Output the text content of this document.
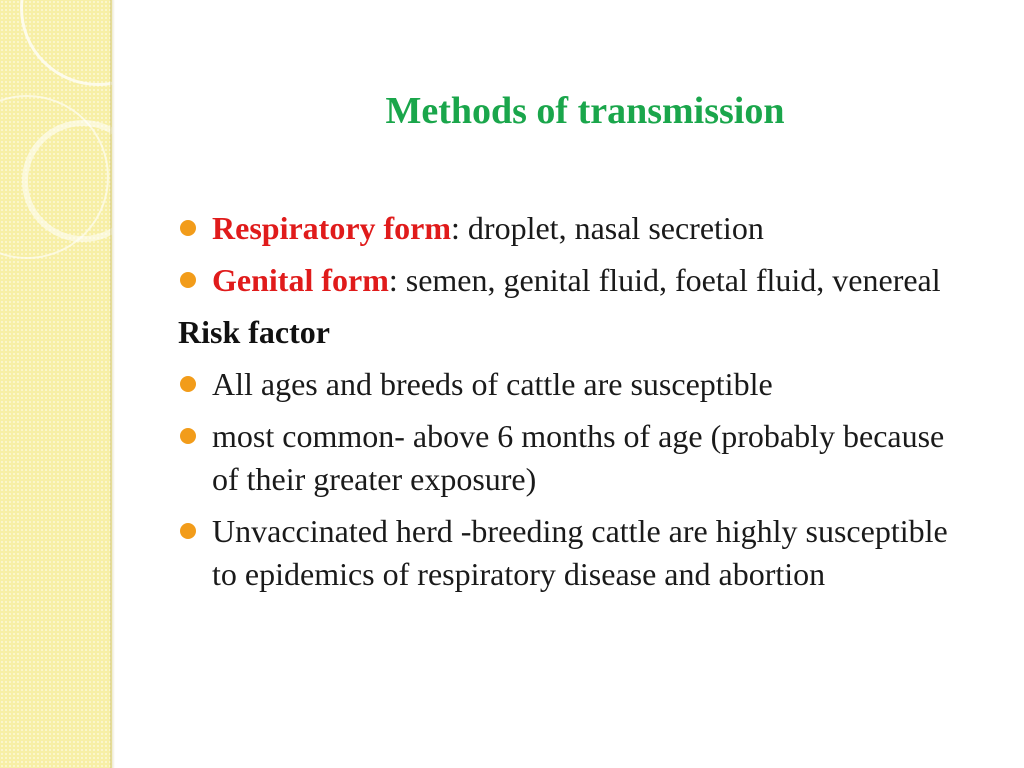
Methods of transmission
Respiratory form: droplet, nasal secretion
Genital form: semen, genital fluid, foetal fluid, venereal
Risk factor
All ages and breeds of cattle are susceptible
most common- above 6 months of age (probably because of their greater exposure)
Unvaccinated herd -breeding cattle are highly susceptible to epidemics of respiratory disease and abortion
